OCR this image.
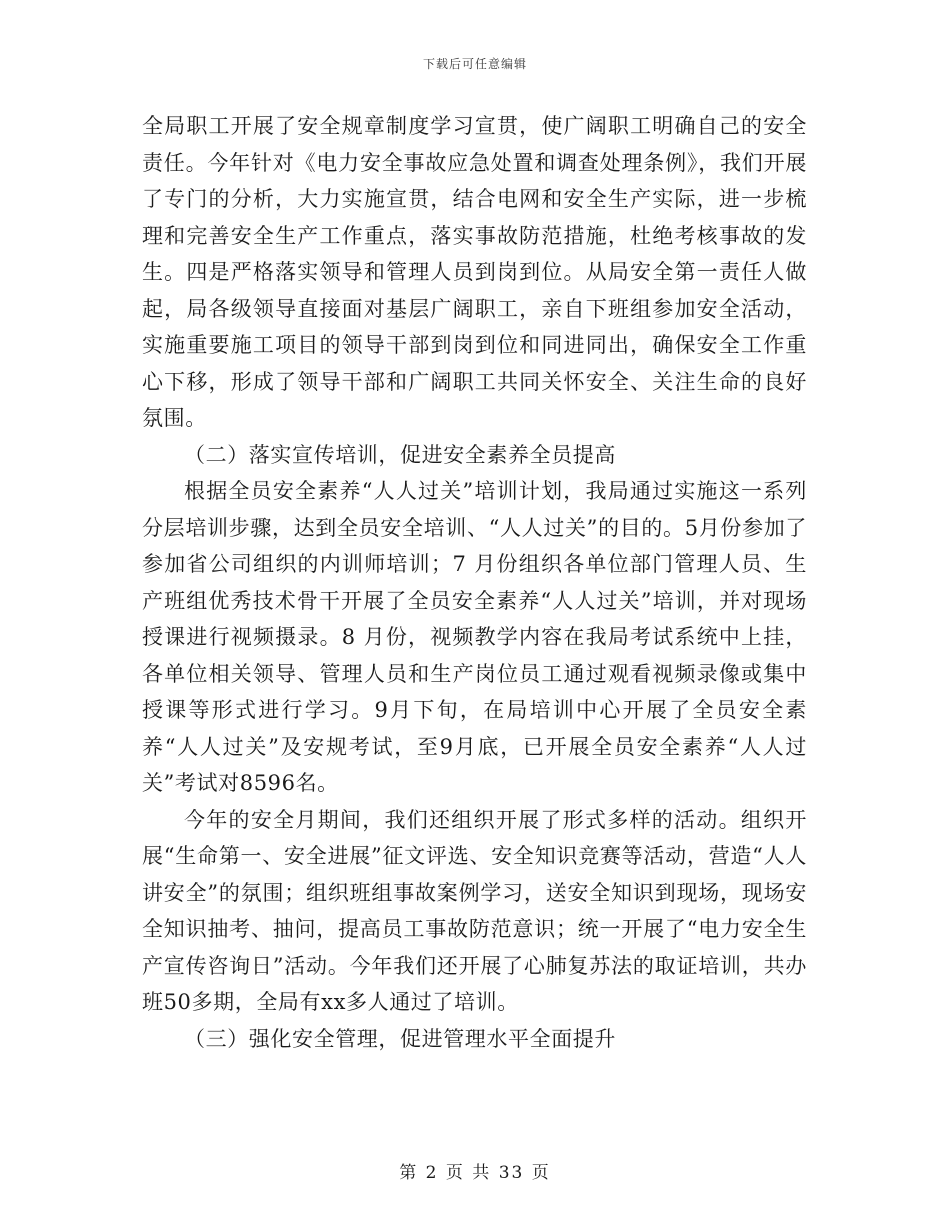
下载后可任意编辑

全局职工开展了安全规章制度学习宣贯，使广阔职工明确自己的安全责任。今年针对《电力安全事故应急处置和调查处理条例》，我们开展了专门的分析，大力实施宣贯，结合电网和安全生产实际，进一步梳理和完善安全生产工作重点，落实事故防范措施，杜绝考核事故的发生。四是严格落实领导和管理人员到岗到位。从局安全第一责任人做起，局各级领导直接面对基层广阔职工，亲自下班组参加安全活动，实施重要施工项目的领导干部到岗到位和同进同出，确保安全工作重心下移，形成了领导干部和广阔职工共同关怀安全、关注生命的良好氛围。

（二）落实宣传培训，促进安全素养全员提高

根据全员安全素养“人人过关”培训计划，我局通过实施这一系列分层培训步骤，达到全员安全培训、“人人过关”的目的。5月份参加了参加省公司组织的内训师培训；7 月份组织各单位部门管理人员、生产班组优秀技术骨干开展了全员安全素养“人人过关”培训，并对现场授课进行视频摄录。8 月份，视频教学内容在我局考试系统中上挂，各单位相关领导、管理人员和生产岗位员工通过观看视频录像或集中授课等形式进行学习。9月下旬，在局培训中心开展了全员安全素养“人人过关”及安规考试，至9月底，已开展全员安全素养“人人过关”考试对8596名。

今年的安全月期间，我们还组织开展了形式多样的活动。组织开展“生命第一、安全进展”征文评选、安全知识竞赛等活动，营造“人人讲安全”的氛围；组织班组事故案例学习，送安全知识到现场，现场安全知识抽考、抽问，提高员工事故防范意识；统一开展了“电力安全生产宣传咨询日”活动。今年我们还开展了心肺复苏法的取证培训，共办班50多期，全局有xx多人通过了培训。

（三）强化安全管理，促进管理水平全面提升

第 2 页 共 33 页
